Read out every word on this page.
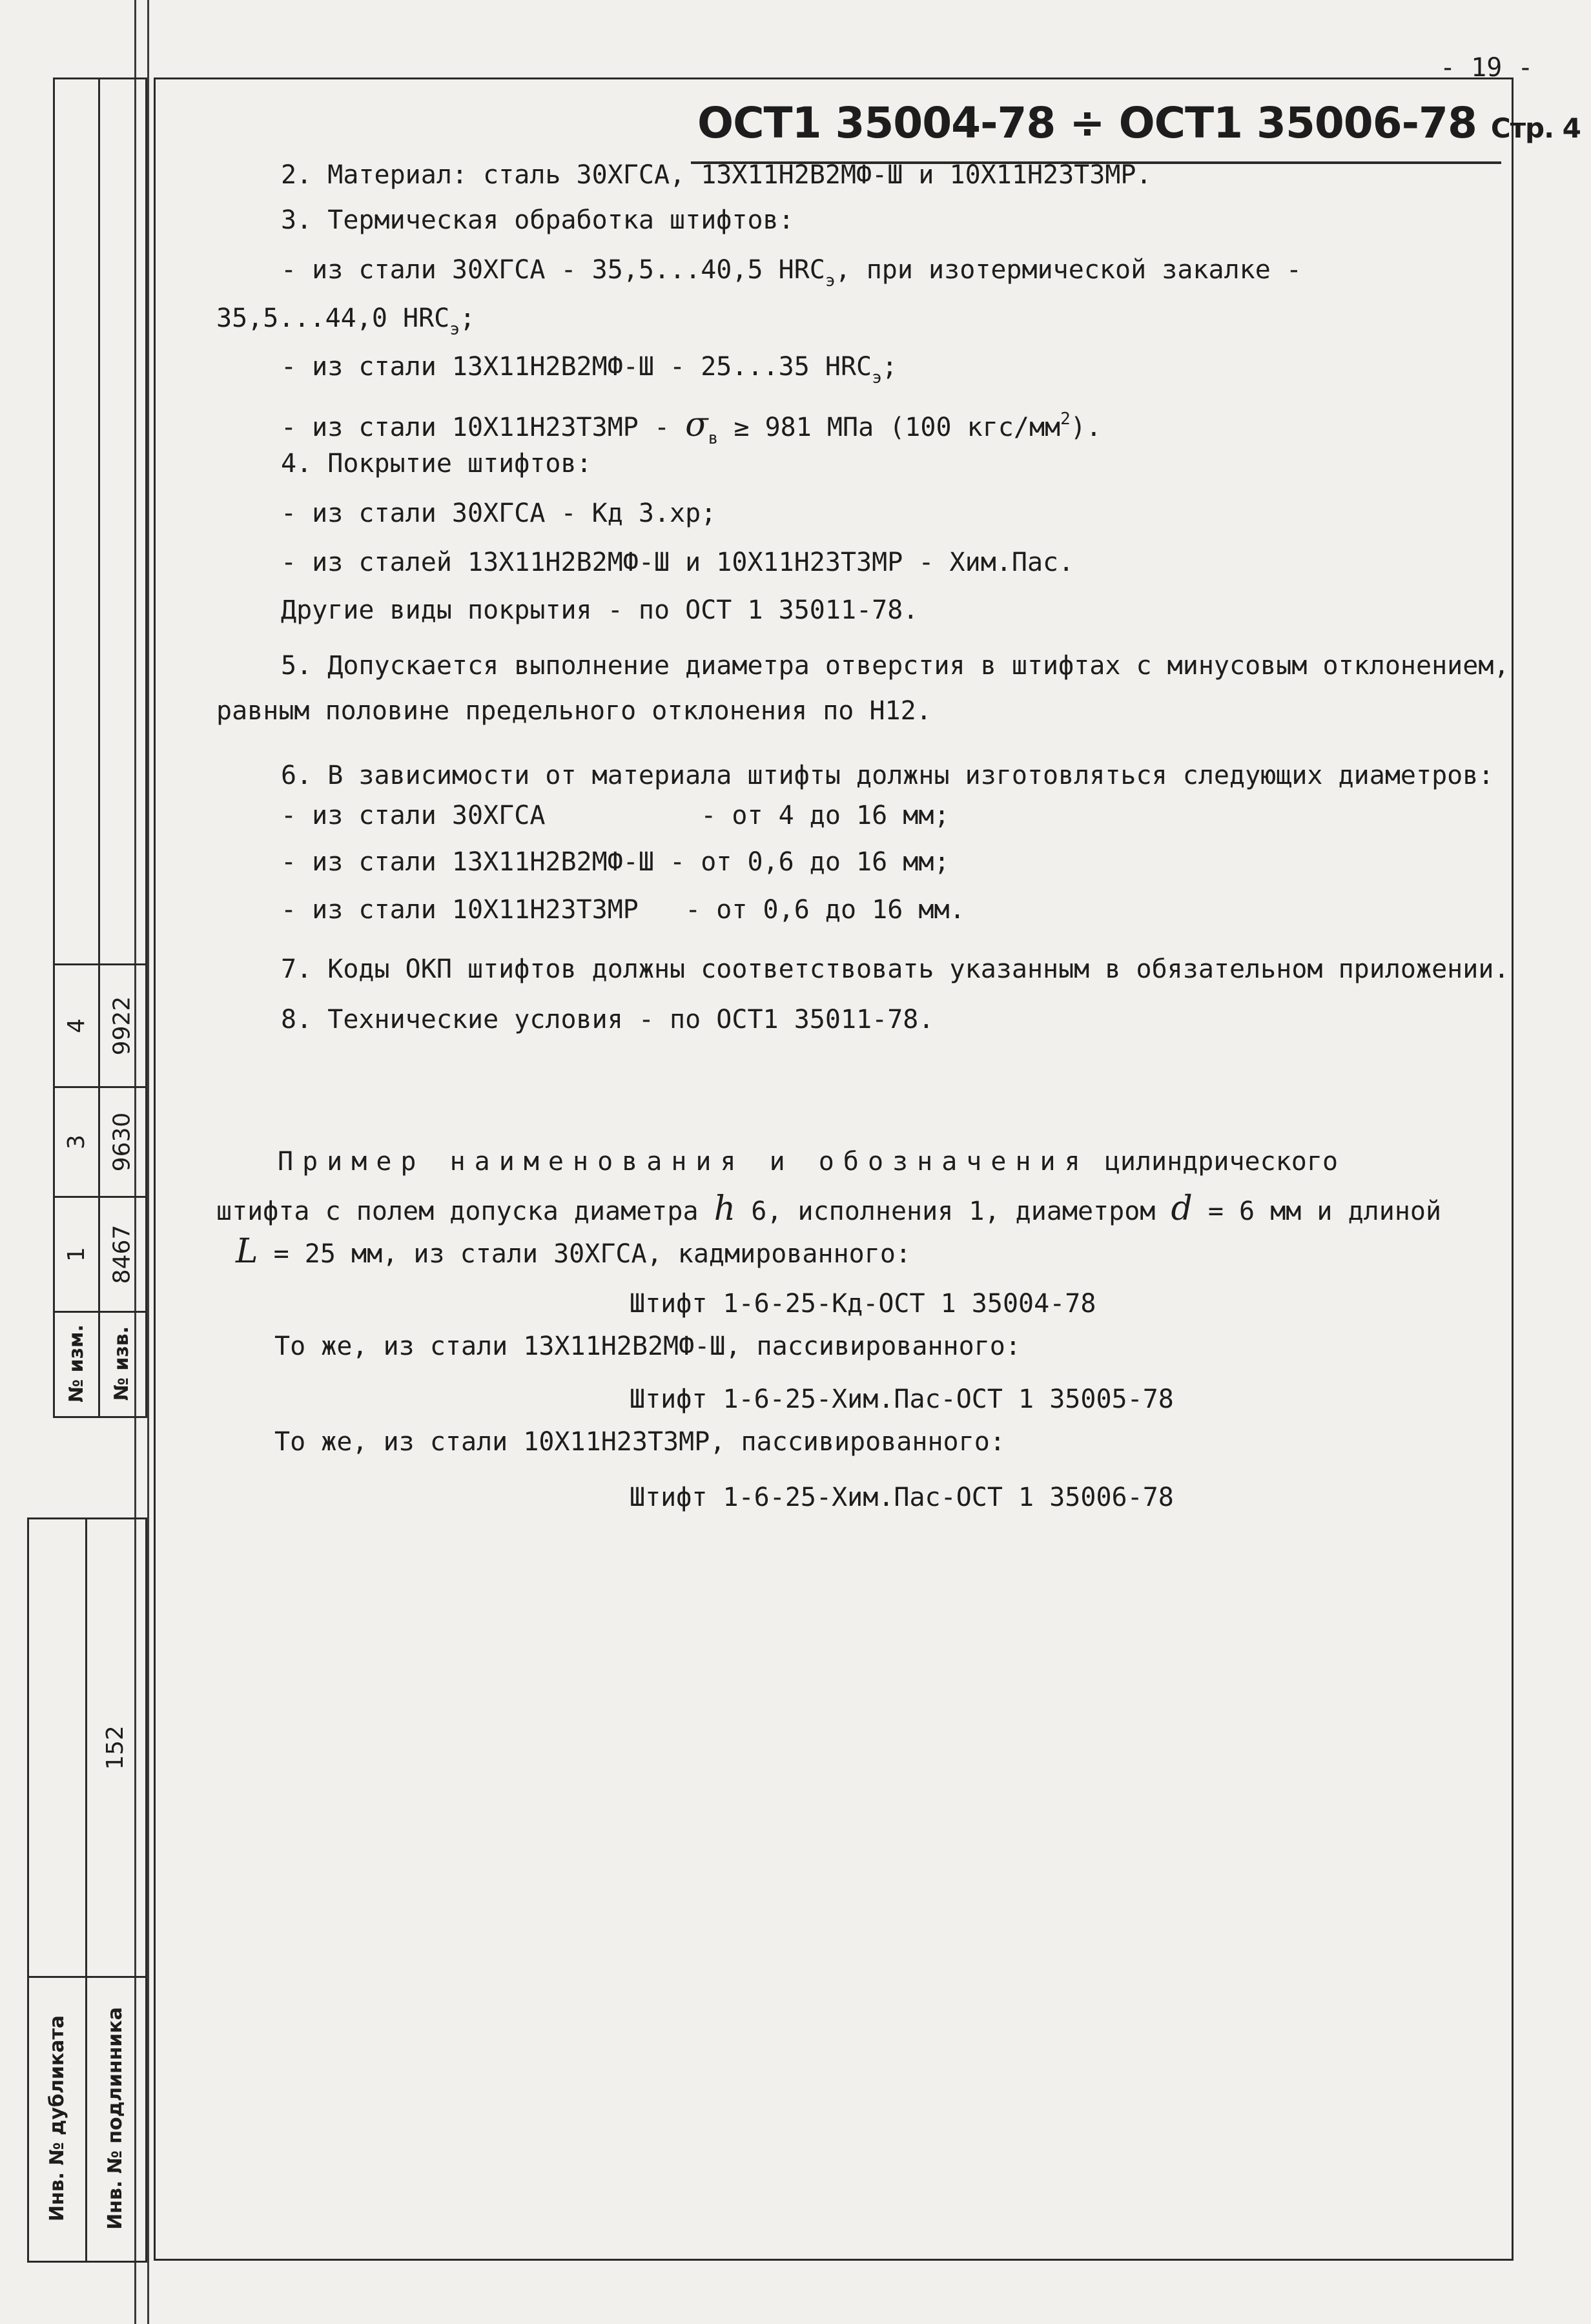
- 19 -
ОСТ1 35004-78 ÷ ОСТ1 35006-78 Стр. 4
2. Материал: сталь 30ХГСА, 13Х11Н2В2МФ-Ш и 10Х11Н23Т3МР.
3. Термическая обработка штифтов:
- из стали 30ХГСА - 35,5...40,5 $HRC_э$, при изотермической закалке -
35,5...44,0 $HRC_э$;
- из стали 13Х11Н2В2МФ-Ш - 25...35 $HRC_э$;
- из стали $10Х11Н23Т3МР - \sigma_в \ge 981$ МПа (100 кгс/$мм^2$).
4. Покрытие штифтов:
- из стали 30ХГСА - Кд 3.хр;
- из сталей 13Х11Н2В2МФ-Ш и 10Х11Н23Т3МР - Хим.Пас.
Другие виды покрытия - по ОСТ 1 35011-78.
5. Допускается выполнение диаметра отверстия в штифтах с минусовым отклонением,
равным половине предельного отклонения по Н12.
6. В зависимости от материала штифты должны изготовляться следующих диаметров:
- из стали 30ХГСА          - от 4 до 16 мм;
- из стали 13Х11Н2В2МФ-Ш - от 0,6 до 16 мм;
- из стали 10Х11Н23Т3МР   - от 0,6 до 16 мм.
7. Коды ОКП штифтов должны соответствовать указанным в обязательном приложении.
8. Технические условия - по ОСТ1 35011-78.
Пример наименования и обозначения цилиндрического
штифта с полем допуска диаметра h 6, исполнения 1, диаметром d = 6 мм и длиной
L = 25 мм, из стали 30ХГСА, кадмированного:
Штифт 1-6-25-Кд-ОСТ 1 35004-78
То же, из стали 13Х11Н2В2МФ-Ш, пассивированного:
Штифт 1-6-25-Хим.Пас-ОСТ 1 35005-78
То же, из стали 10Х11Н23Т3МР, пассивированного:
Штифт 1-6-25-Хим.Пас-ОСТ 1 35006-78
4 9922
3 9630
1 8467
№ изм. № изв.
152
Инв. № дубликата Инв. № подлинника
